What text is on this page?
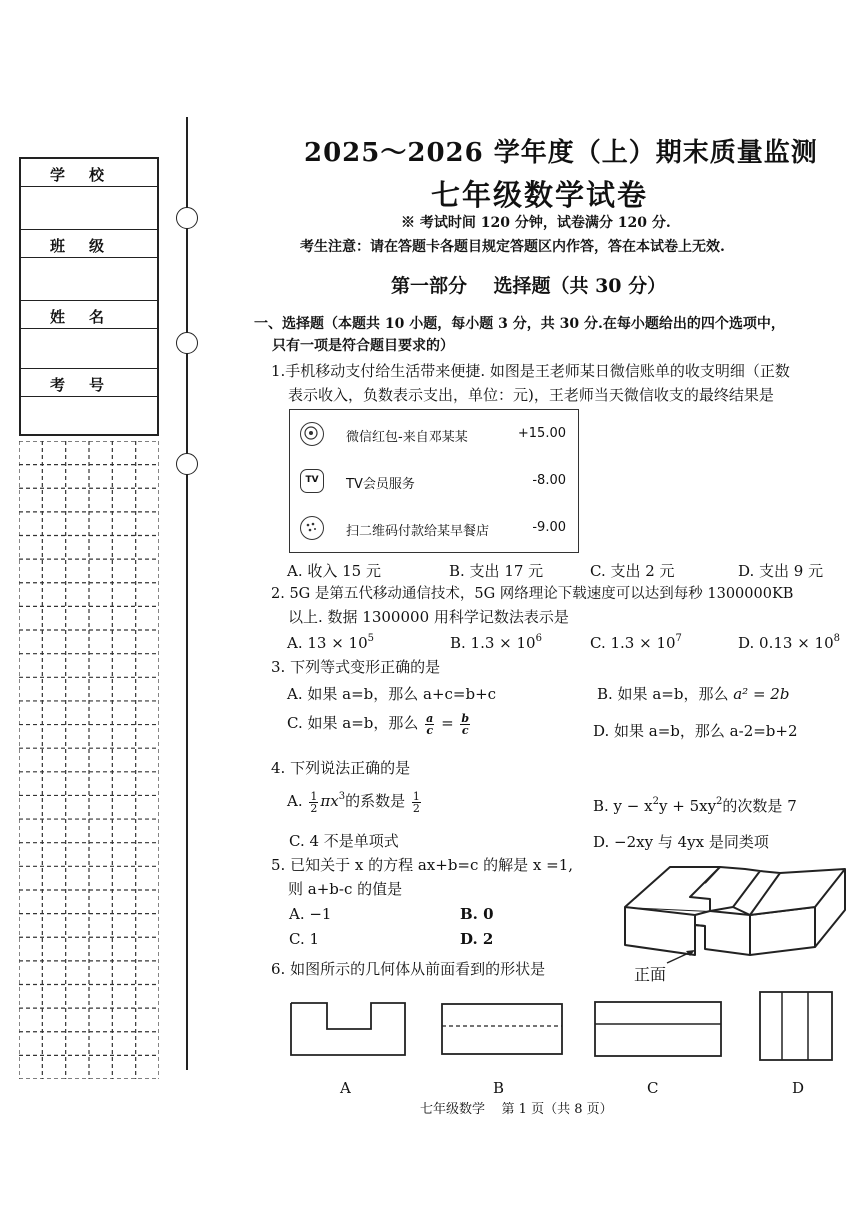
学校
班级
姓名
考号
2025～2026 学年度（上）期末质量监测
七年级数学试卷
※ 考试时间 120 分钟，试卷满分 120 分.
考生注意：请在答题卡各题目规定答题区内作答，答在本试卷上无效.
第一部分    选择题（共 30 分）
一、选择题（本题共 10 小题，每小题 3 分，共 30 分.在每小题给出的四个选项中，
只有一项是符合题目要求的）
1.手机移动支付给生活带来便捷. 如图是王老师某日微信账单的收支明细（正数
表示收入，负数表示支出，单位：元)，王老师当天微信收支的最终结果是
微信红包-来自邓某某	+15.00
TV	TV会员服务	-8.00
扫二维码付款给某早餐店	-9.00
A. 收入 15 元	B. 支出 17 元	C. 支出 2 元	D. 支出 9 元
2. 5G 是第五代移动通信技术，5G 网络理论下载速度可以达到每秒 1300000KB
以上. 数据 1300000 用科学记数法表示是
A. $13 \times 10^5$	B. $1.3 \times 10^6$	C. $1.3 \times 10^7$	D. $0.13 \times 10^8$
3. 下列等式变形正确的是
A. 如果 a=b，那么 a+c=b+c	B. 如果 a=b，那么 a² = 2b
C. 如果 a=b，那么 $\frac{a}{c} = \frac{b}{c}$	D. 如果 a=b，那么 a-2=b+2
4. 下列说法正确的是
A. $\frac{1}{2} \pi x^3$的系数是 $\frac{1}{2}$	B. $y - x^2y + 5xy^2$的次数是 7
C. 4 不是单项式	D. −2xy 与 4yx 是同类项
5. 已知关于 x 的方程 ax+b=c 的解是 x =1,
则 a+b-c 的值是
A. −1	B. 0
C. 1	D. 2
正面
6. 如图所示的几何体从前面看到的形状是
A	B	C	D
七年级数学    第 1 页（共 8 页）
